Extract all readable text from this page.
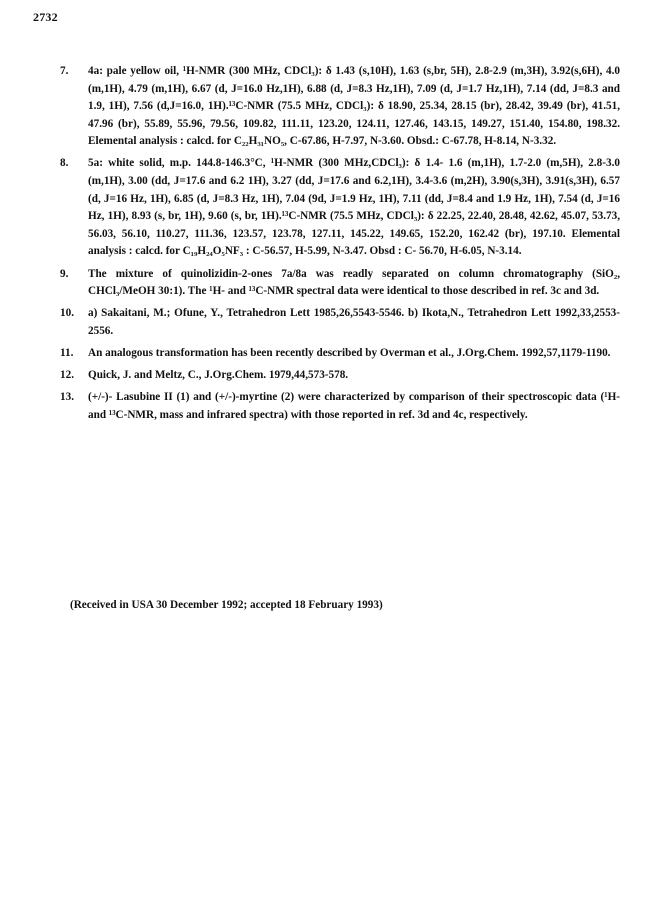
2732
7. 4a: pale yellow oil, ¹H-NMR (300 MHz, CDCl₃): δ 1.43 (s,10H), 1.63 (s,br, 5H), 2.8-2.9 (m,3H), 3.92(s,6H), 4.0 (m,1H), 4.79 (m,1H), 6.67 (d, J=16.0 Hz,1H), 6.88 (d, J=8.3 Hz,1H), 7.09 (d, J=1.7 Hz,1H), 7.14 (dd, J=8.3 and 1.9, 1H), 7.56 (d,J=16.0, 1H).¹³C-NMR (75.5 MHz, CDCl₃): δ 18.90, 25.34, 28.15 (br), 28.42, 39.49 (br), 41.51, 47.96 (br), 55.89, 55.96, 79.56, 109.82, 111.11, 123.20, 124.11, 127.46, 143.15, 149.27, 151.40, 154.80, 198.32. Elemental analysis : calcd. for C₂₂H₃₁NO₅, C-67.86, H-7.97, N-3.60. Obsd.: C-67.78, H-8.14, N-3.32.
8. 5a: white solid, m.p. 144.8-146.3°C, ¹H-NMR (300 MHz,CDCl₃): δ 1.4- 1.6 (m,1H), 1.7-2.0 (m,5H), 2.8-3.0 (m,1H), 3.00 (dd, J=17.6 and 6.2 1H), 3.27 (dd, J=17.6 and 6.2,1H), 3.4-3.6 (m,2H), 3.90(s,3H), 3.91(s,3H), 6.57 (d, J=16 Hz, 1H), 6.85 (d, J=8.3 Hz, 1H), 7.04 (9d, J=1.9 Hz, 1H), 7.11 (dd, J=8.4 and 1.9 Hz, 1H), 7.54 (d, J=16 Hz, 1H), 8.93 (s, br, 1H), 9.60 (s, br, 1H).¹³C-NMR (75.5 MHz, CDCl₃): δ 22.25, 22.40, 28.48, 42.62, 45.07, 53.73, 56.03, 56.10, 110.27, 111.36, 123.57, 123.78, 127.11, 145.22, 149.65, 152.20, 162.42 (br), 197.10. Elemental analysis : calcd. for C₁₉H₂₄O₅NF₃ : C-56.57, H-5.99, N-3.47. Obsd : C- 56.70, H-6.05, N-3.14.
9. The mixture of quinolizidin-2-ones 7a/8a was readly separated on column chromatography (SiO₂, CHCl₃/MeOH 30:1). The ¹H- and ¹³C-NMR spectral data were identical to those described in ref. 3c and 3d.
10. a) Sakaitani, M.; Ofune, Y., Tetrahedron Lett 1985,26,5543-5546. b) Ikota,N., Tetrahedron Lett 1992,33,2553-2556.
11. An analogous transformation has been recently described by Overman et al., J.Org.Chem. 1992,57,1179-1190.
12. Quick, J. and Meltz, C., J.Org.Chem. 1979,44,573-578.
13. (+/-)- Lasubine II (1) and (+/-)-myrtine (2) were characterized by comparison of their spectroscopic data (¹H- and ¹³C-NMR, mass and infrared spectra) with those reported in ref. 3d and 4c, respectively.
(Received in USA 30 December 1992; accepted 18 February 1993)
